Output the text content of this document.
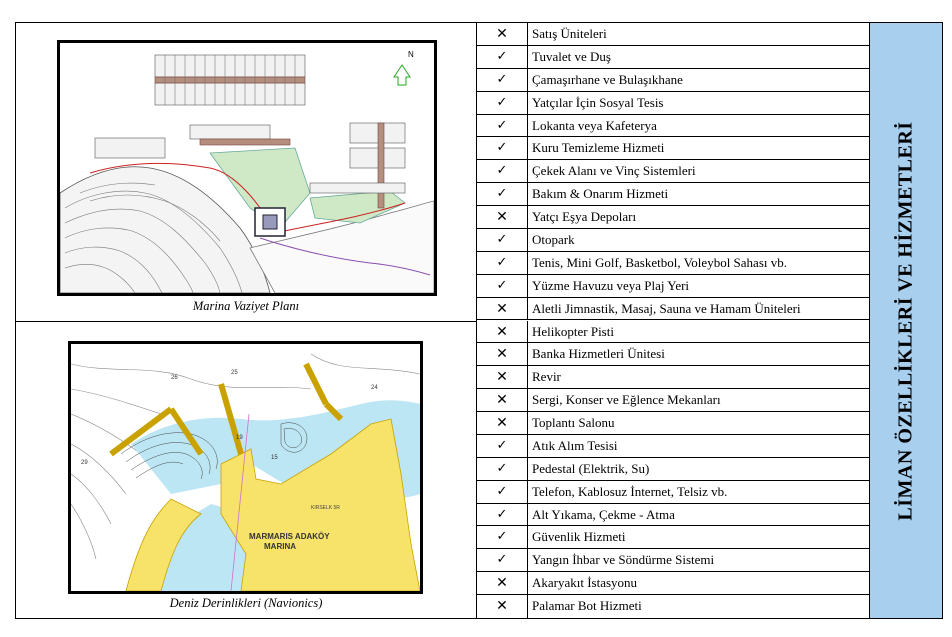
N
Marina Vaziyet Planı
26
29
25
19
15
24
KIRSELK 5R
MARMARIS ADAKÖY
MARINA
Deniz Derinlikleri (Navionics)
✕	Satış Üniteleri
✓	Tuvalet ve Duş
✓	Çamaşırhane ve Bulaşıkhane
✓	Yatçılar İçin Sosyal Tesis
✓	Lokanta veya Kafeterya
✓	Kuru Temizleme Hizmeti
✓	Çekek Alanı ve Vinç Sistemleri
✓	Bakım & Onarım Hizmeti
✕	Yatçı Eşya Depoları
✓	Otopark
✓	Tenis, Mini Golf, Basketbol, Voleybol Sahası vb.
✓	Yüzme Havuzu veya Plaj Yeri
✕	Aletli Jimnastik, Masaj, Sauna ve Hamam Üniteleri
✕	Helikopter Pisti
✕	Banka Hizmetleri Ünitesi
✕	Revir
✕	Sergi, Konser ve Eğlence Mekanları
✕	Toplantı Salonu
✓	Atık Alım Tesisi
✓	Pedestal (Elektrik, Su)
✓	Telefon, Kablosuz İnternet, Telsiz vb.
✓	Alt Yıkama, Çekme - Atma
✓	Güvenlik Hizmeti
✓	Yangın İhbar ve Söndürme Sistemi
✕	Akaryakıt İstasyonu
✕	Palamar Bot Hizmeti
LİMAN ÖZELLİKLERİ VE HİZMETLERİ
